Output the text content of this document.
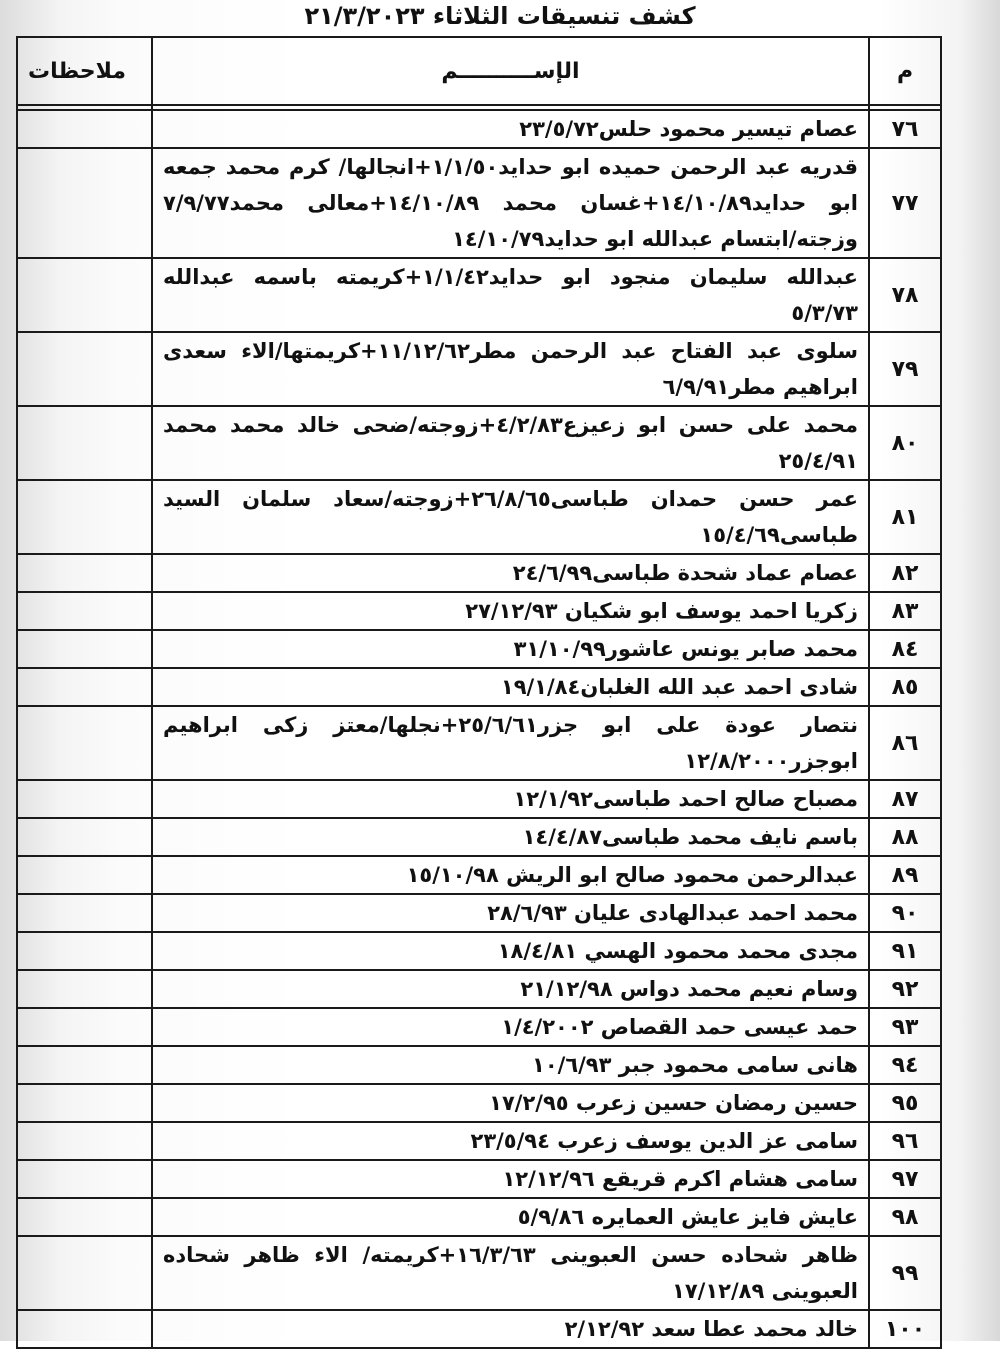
كشف تنسيقات الثلاثاء ٢١/٣/٢٠٢٣
م	الإســــــــــم	ملاحظات

٧٦	عصام تيسير محمود حلس٢٣/٥/٧٢	
٧٧	قدريه عبد الرحمن حميده ابو حدايد١/١/٥٠+انجالها/ كرم محمد جمعه ابو حدايد١٤/١٠/٨٩+غسان محمد ١٤/١٠/٨٩+معالى محمد٧/٩/٧٧ وزجته/ابتسام عبدالله ابو حدايد١٤/١٠/٧٩	
٧٨	عبدالله سليمان منجود ابو حدايد١/١/٤٢+كريمته باسمه عبدالله ٥/٣/٧٣	
٧٩	سلوى عبد الفتاح عبد الرحمن مطر١١/١٢/٦٢+كريمتها/الاء سعدى ابراهيم مطر٦/٩/٩١	
٨٠	محمد على حسن ابو زعيزع٤/٢/٨٣+زوجته/ضحى خالد محمد محمد ٢٥/٤/٩١	
٨١	عمر حسن حمدان طباسى٢٦/٨/٦٥+زوجته/سعاد سلمان السيد طباسى١٥/٤/٦٩	
٨٢	عصام عماد شحدة طباسى٢٤/٦/٩٩	
٨٣	زكريا احمد يوسف ابو شكيان ٢٧/١٢/٩٣	
٨٤	محمد صابر يونس عاشور٣١/١٠/٩٩	
٨٥	شادى احمد عبد الله الغلبان١٩/١/٨٤	
٨٦	نتصار عودة على ابو جزر٢٥/٦/٦١+نجلها/معتز زكى ابراهيم ابوجزر١٢/٨/٢٠٠٠	
٨٧	مصباح صالح احمد طباسى١٢/١/٩٢	
٨٨	باسم نايف محمد طباسى١٤/٤/٨٧	
٨٩	عبدالرحمن محمود صالح ابو الريش ١٥/١٠/٩٨	
٩٠	محمد احمد عبدالهادى عليان ٢٨/٦/٩٣	
٩١	مجدى محمد محمود الهسي ١٨/٤/٨١	
٩٢	وسام نعيم محمد دواس ٢١/١٢/٩٨	
٩٣	حمد عيسى حمد القصاص ١/٤/٢٠٠٢	
٩٤	هانى سامى محمود جبر ١٠/٦/٩٣	
٩٥	حسين رمضان حسين زعرب ١٧/٢/٩٥	
٩٦	سامى عز الدين يوسف زعرب ٢٣/٥/٩٤	
٩٧	سامى هشام اكرم قريقع ١٢/١٢/٩٦	
٩٨	عايش فايز عايش العمايره ٥/٩/٨٦	
٩٩	ظاهر شحاده حسن العبوينى ١٦/٣/٦٣+كريمته/ الاء ظاهر شحاده العبوينى ١٧/١٢/٨٩	
١٠٠	خالد محمد عطا سعد ٢/١٢/٩٢	
